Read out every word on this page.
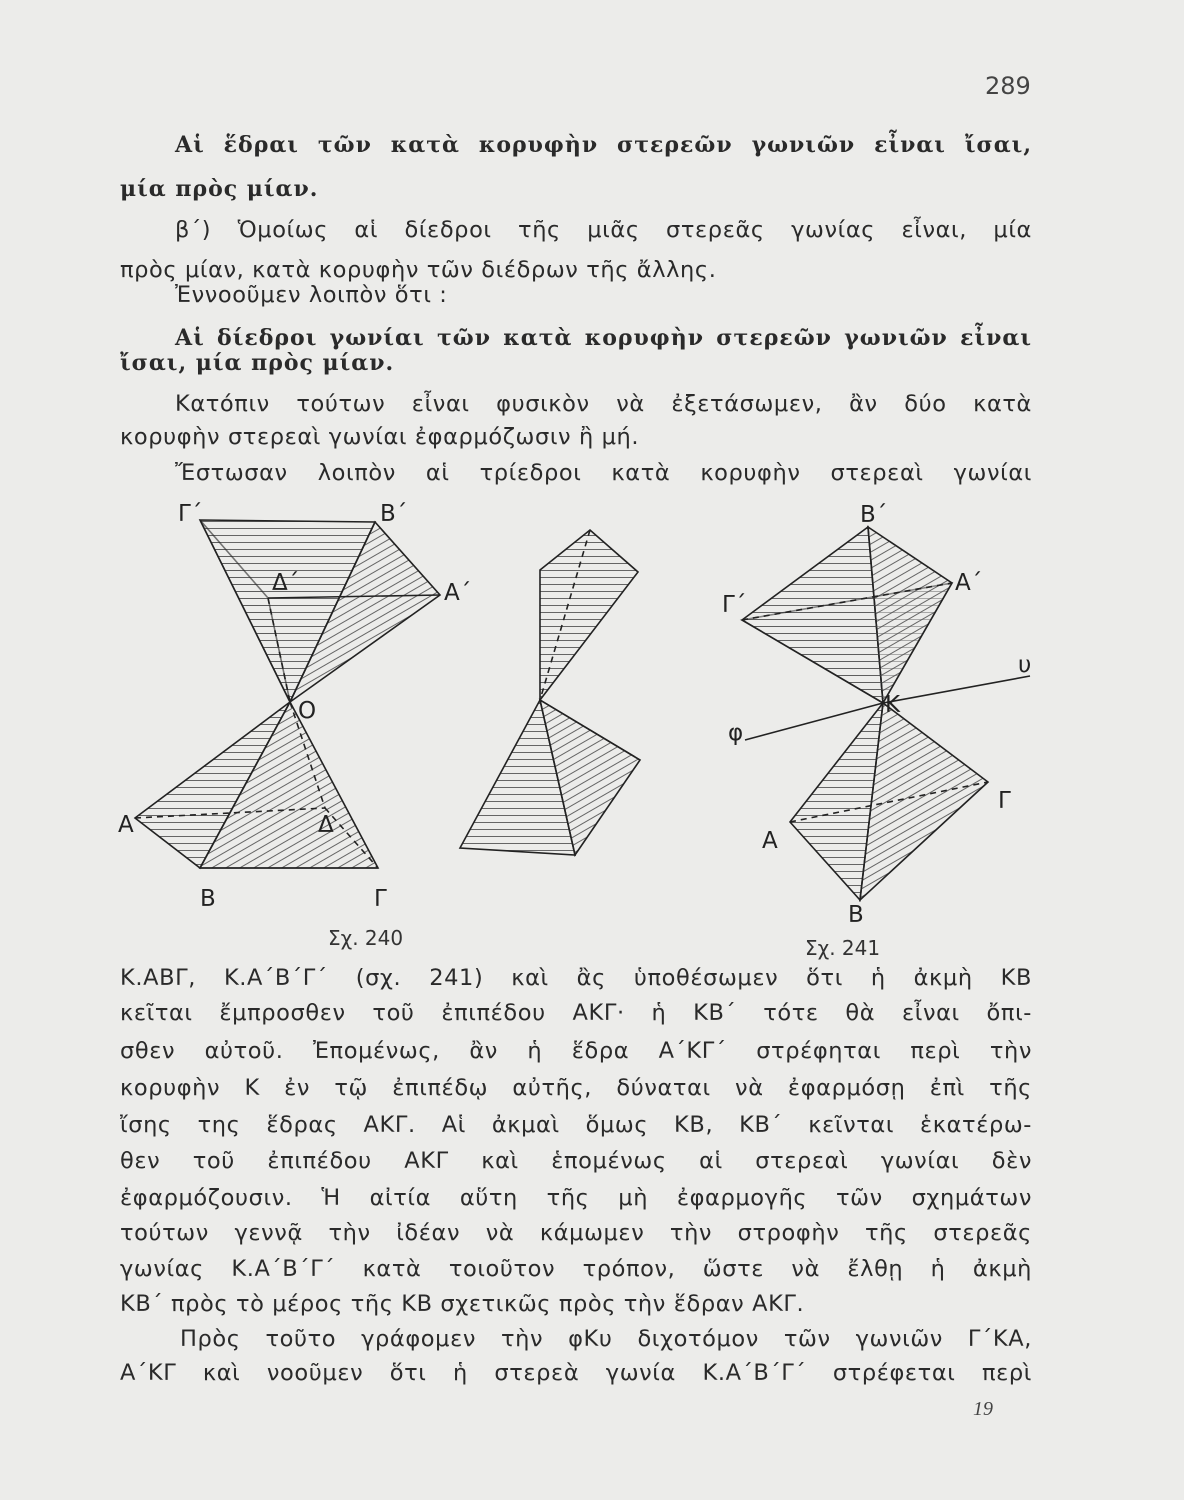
289
Αἱ ἕδραι τῶν κατὰ κορυφὴν στερεῶν γωνιῶν εἶναι ἴσαι,
μία πρὸς μίαν.
β΄) Ὁμοίως αἱ δίεδροι τῆς μιᾶς στερεᾶς γωνίας εἶναι, μία
πρὸς μίαν, κατὰ κορυφὴν τῶν διέδρων τῆς ἄλλης.
Ἐννοοῦμεν λοιπὸν ὅτι :
Αἱ δίεδροι γωνίαι τῶν κατὰ κορυφὴν στερεῶν γωνιῶν εἶναι
ἴσαι, μία πρὸς μίαν.
Κατόπιν τούτων εἶναι φυσικὸν νὰ ἐξετάσωμεν, ἂν δύο κατὰ
κορυφὴν στερεαὶ γωνίαι ἐφαρμόζωσιν ἢ μή.
Ἔστωσαν λοιπὸν αἱ τρίεδροι κατὰ κορυφὴν στερεαὶ γωνίαι
Γ΄	Β΄
Δ΄	Α΄
Ο
Α	Δ
Β	Γ
Β΄
Α΄
Γ΄
υ
Κ
φ
Γ
Α
Β
Σχ. 240	Σχ. 241
Κ.ΑΒΓ, Κ.Α΄Β΄Γ΄ (σχ. 241) καὶ ἂς ὑποθέσωμεν ὅτι ἡ ἀκμὴ ΚΒ
κεῖται ἔμπροσθεν τοῦ ἐπιπέδου ΑΚΓ· ἡ ΚΒ΄ τότε θὰ εἶναι ὄπι-
σθεν αὐτοῦ. Ἐπομένως, ἂν ἡ ἕδρα Α΄ΚΓ΄ στρέφηται περὶ τὴν
κορυφὴν Κ ἐν τῷ ἐπιπέδῳ αὐτῆς, δύναται νὰ ἐφαρμόσῃ ἐπὶ τῆς
ἴσης της ἕδρας ΑΚΓ. Αἱ ἀκμαὶ ὅμως ΚΒ, ΚΒ΄ κεῖνται ἑκατέρω-
θεν τοῦ ἐπιπέδου ΑΚΓ καὶ ἑπομένως αἱ στερεαὶ γωνίαι δὲν
ἐφαρμόζουσιν. Ἡ αἰτία αὕτη τῆς μὴ ἐφαρμογῆς τῶν σχημάτων
τούτων γεννᾷ τὴν ἰδέαν νὰ κάμωμεν τὴν στροφὴν τῆς στερεᾶς
γωνίας Κ.Α΄Β΄Γ΄ κατὰ τοιοῦτον τρόπον, ὥστε νὰ ἔλθῃ ἡ ἀκμὴ
ΚΒ΄ πρὸς τὸ μέρος τῆς ΚΒ σχετικῶς πρὸς τὴν ἕδραν ΑΚΓ.
Πρὸς τοῦτο γράφομεν τὴν φΚυ διχοτόμον τῶν γωνιῶν Γ΄ΚΑ,
Α΄ΚΓ καὶ νοοῦμεν ὅτι ἡ στερεὰ γωνία Κ.Α΄Β΄Γ΄ στρέφεται περὶ
19
